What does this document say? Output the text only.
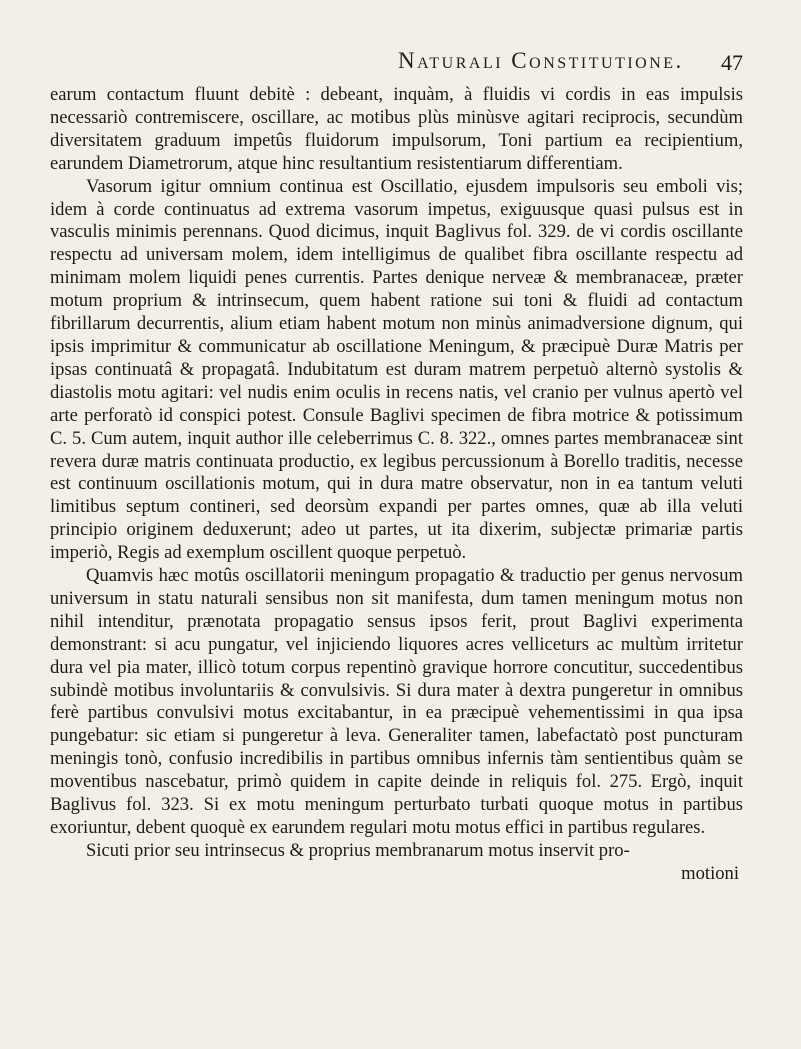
Naturali Constitutione. 47

earum contactum fluunt debitè : debeant, inquàm, à fluidis vi cordis in eas impulsis necessariò contremiscere, oscillare, ac motibus plùs minùsve agitari reciprocis, secundùm diversitatem graduum impetûs fluidorum impulsorum, Toni partium ea recipientium, earundem Diametrorum, atque hinc resultantium resistentiarum differentiam.

Vasorum igitur omnium continua est Oscillatio, ejusdem impulsoris seu emboli vis; idem à corde continuatus ad extrema vasorum impetus, exiguusque quasi pulsus est in vasculis minimis perennans. Quod dicimus, inquit Baglivus fol. 329. de vi cordis oscillante respectu ad universam molem, idem intelligimus de qualibet fibra oscillante respectu ad minimam molem liquidi penes currentis. Partes denique nerveæ & membranaceæ, præter motum proprium & intrinsecum, quem habent ratione sui toni & fluidi ad contactum fibrillarum decurrentis, alium etiam habent motum non minùs animadversione dignum, qui ipsis imprimitur & communicatur ab oscillatione Meningum, & præcipuè Duræ Matris per ipsas continuatâ & propagatâ. Indubitatum est duram matrem perpetuò alternò systolis & diastolis motu agitari: vel nudis enim oculis in recens natis, vel cranio per vulnus apertò vel arte perforatò id conspici potest. Consule Baglivi specimen de fibra motrice & potissimum C. 5. Cum autem, inquit author ille celeberrimus C. 8. 322., omnes partes membranaceæ sint revera duræ matris continuata productio, ex legibus percussionum à Borello traditis, necesse est continuum oscillationis motum, qui in dura matre observatur, non in ea tantum veluti limitibus septum contineri, sed deorsùm expandi per partes omnes, quæ ab illa veluti principio originem deduxerunt; adeo ut partes, ut ita dixerim, subjectæ primariæ partis imperiò, Regis ad exemplum oscillent quoque perpetuò.

Quamvis hæc motûs oscillatorii meningum propagatio & traductio per genus nervosum universum in statu naturali sensibus non sit manifesta, dum tamen meningum motus non nihil intenditur, prænotata propagatio sensus ipsos ferit, prout Baglivi experimenta demonstrant: si acu pungatur, vel injiciendo liquores acres velliceturs ac multùm irritetur dura vel pia mater, illicò totum corpus repentinò gravique horrore concutitur, succedentibus subindè motibus involuntariis & convulsivis. Si dura mater à dextra pungeretur in omnibus ferè partibus convulsivi motus excitabantur, in ea præcipuè vehementissimi in qua ipsa pungebatur: sic etiam si pungeretur à leva. Generaliter tamen, labefactatò post puncturam meningis tonò, confusio incredibilis in partibus omnibus infernis tàm sentientibus quàm se moventibus nascebatur, primò quidem in capite deinde in reliquis fol. 275. Ergò, inquit Baglivus fol. 323. Si ex motu meningum perturbato turbati quoque motus in partibus exoriuntur, debent quoquè ex earundem regulari motu motus effici in partibus regulares.

Sicuti prior seu intrinsecus & proprius membranarum motus inservit pro-

motioni
